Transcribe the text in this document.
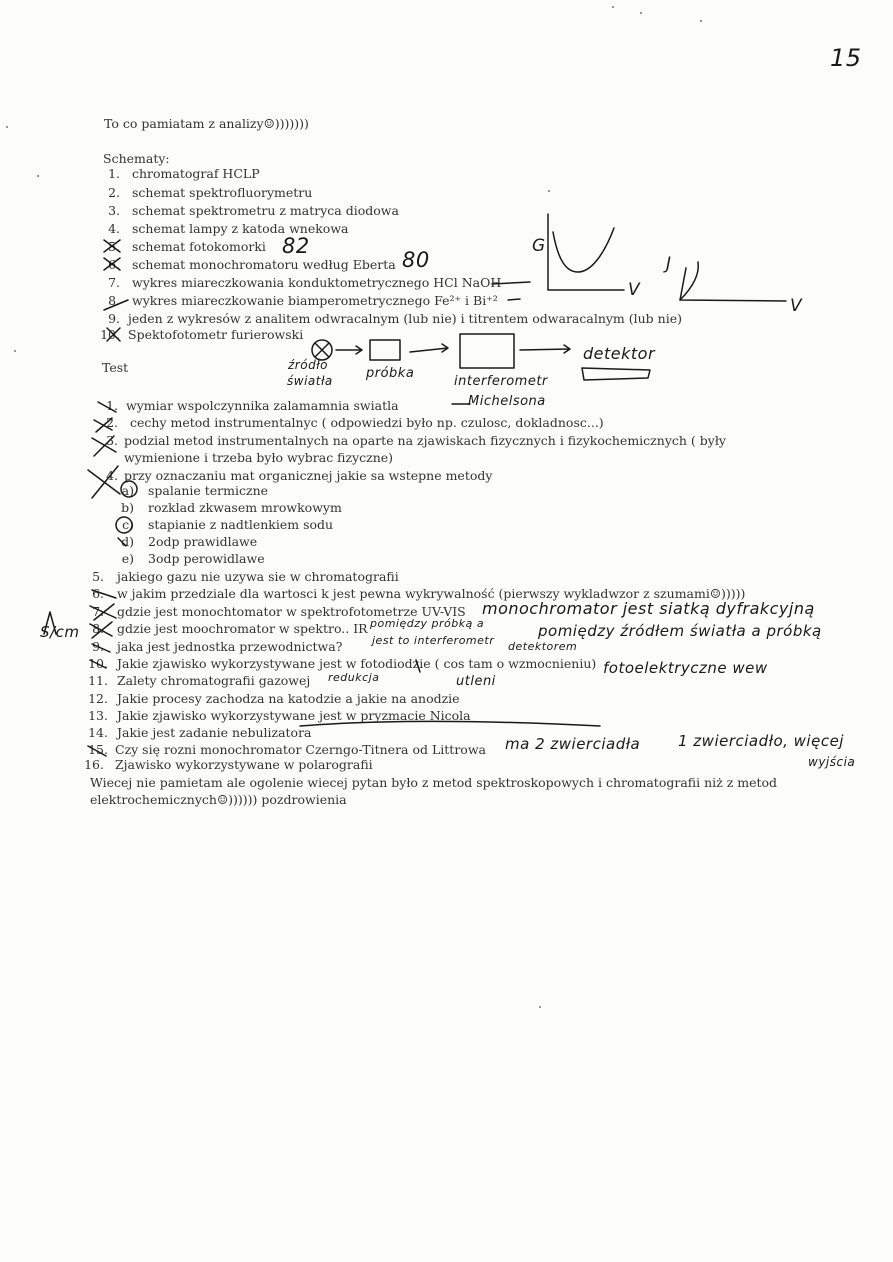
15
To co pamiatam z analizy☺)))))))
Schematy:
1. chromatograf HCLP
2. schemat spektrofluorymetru
3. schemat spektrometru z matryca diodowa
4. schemat lampy z katoda wnekowa
5. schemat fotokomorki
6. schemat monochromatoru według Eberta
7. wykres miareczkowania konduktometrycznego HCl NaOH
8. wykres miareczkowanie biamperometrycznego Fe²⁺ i Bi⁺²
9. jeden z wykresów z analitem odwracalnym (lub nie) i titrentem odwaracalnym (lub nie)
10. Spektofotometr furierowski
Test
1. wymiar wspolczynnika zalamamnia swiatla
2. cechy metod instrumentalnyc ( odpowiedzi było np. czulosc, dokladnosc...)
3. podzial metod instrumentalnych na oparte na zjawiskach fizycznych i fizykochemicznych ( były
wymienione i trzeba było wybrac fizyczne)
4. przy oznaczaniu mat organicznej jakie sa wstepne metody
a) spalanie termiczne
b) rozklad zkwasem mrowkowym
c) stapianie z nadtlenkiem sodu
d) 2odp prawidlawe
e) 3odp perowidlawe
5. jakiego gazu nie uzywa sie w chromatografii
6. w jakim przedziale dla wartosci k jest pewna wykrywalność (pierwszy wykladwzor z szumami☺)))))
7. gdzie jest monochtomator w spektrofotometrze UV-VIS
8. gdzie jest moochromator w spektro.. IR
9. jaka jest jednostka przewodnictwa?
10. Jakie zjawisko wykorzystywane jest w fotodiodzie ( cos tam o wzmocnieniu)
11. Zalety chromatografii gazowej
12. Jakie procesy zachodza na katodzie a jakie na anodzie
13. Jakie zjawisko wykorzystywane jest w pryzmacie Nicola
14. Jakie jest zadanie nebulizatora
15. Czy się rozni monochromator Czerngo-Titnera od Littrowa
16. Zjawisko wykorzystywane w polarografii
Wiecej nie pamietam ale ogolenie wiecej pytan było z metod spektroskopowych i chromatografii niż z metod
elektrochemicznych☺)))))) pozdrowienia
82
80
G
V
J
V
źródło
światła	próbka
interferometr
Michelsona
detektor
monochromator jest siatką dyfrakcyjną
pomiędzy próbką a	pomiędzy źródłem światła a próbką
jest to interferometr detektorem
S/cm
fotoelektryczne wew
redukcja	utleni
ma 2 zwierciadła	1 zwierciadło, więcej
wyjścia
